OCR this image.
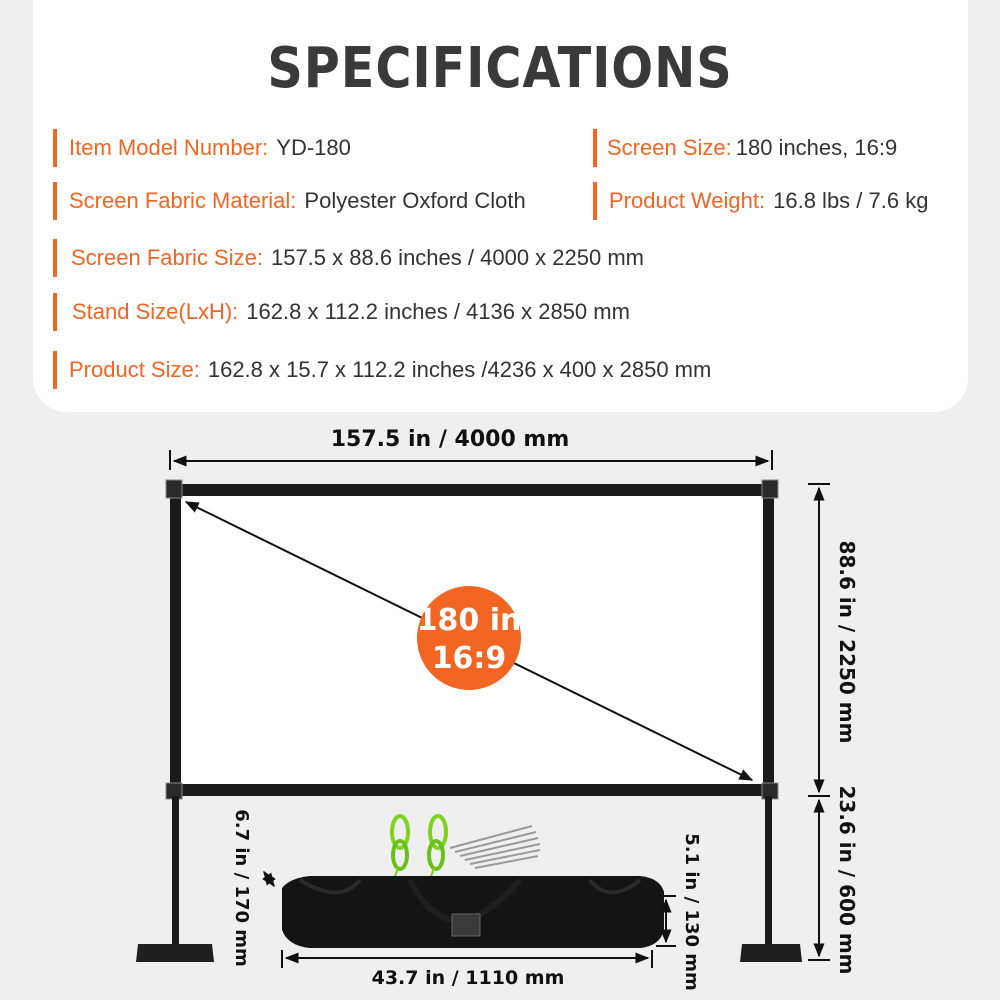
SPECIFICATIONS
Item Model Number: YD-180	Screen Size: 180 inches, 16:9
Screen Fabric Material: Polyester Oxford Cloth	Product Weight: 16.8 lbs / 7.6 kg
Screen Fabric Size: 157.5 x 88.6 inches / 4000 x 2250 mm
Stand Size(LxH): 162.8 x 112.2 inches / 4136 x 2850 mm
Product Size: 162.8 x 15.7 x 112.2 inches /4236 x 400 x 2850 mm
157.5 in / 4000 mm
180 in
16:9	88.6 in / 2250 mm
23.6 in / 600 mm
43.7 in / 1110 mm
6.7 in / 170 mm	5.1 in / 130 mm
